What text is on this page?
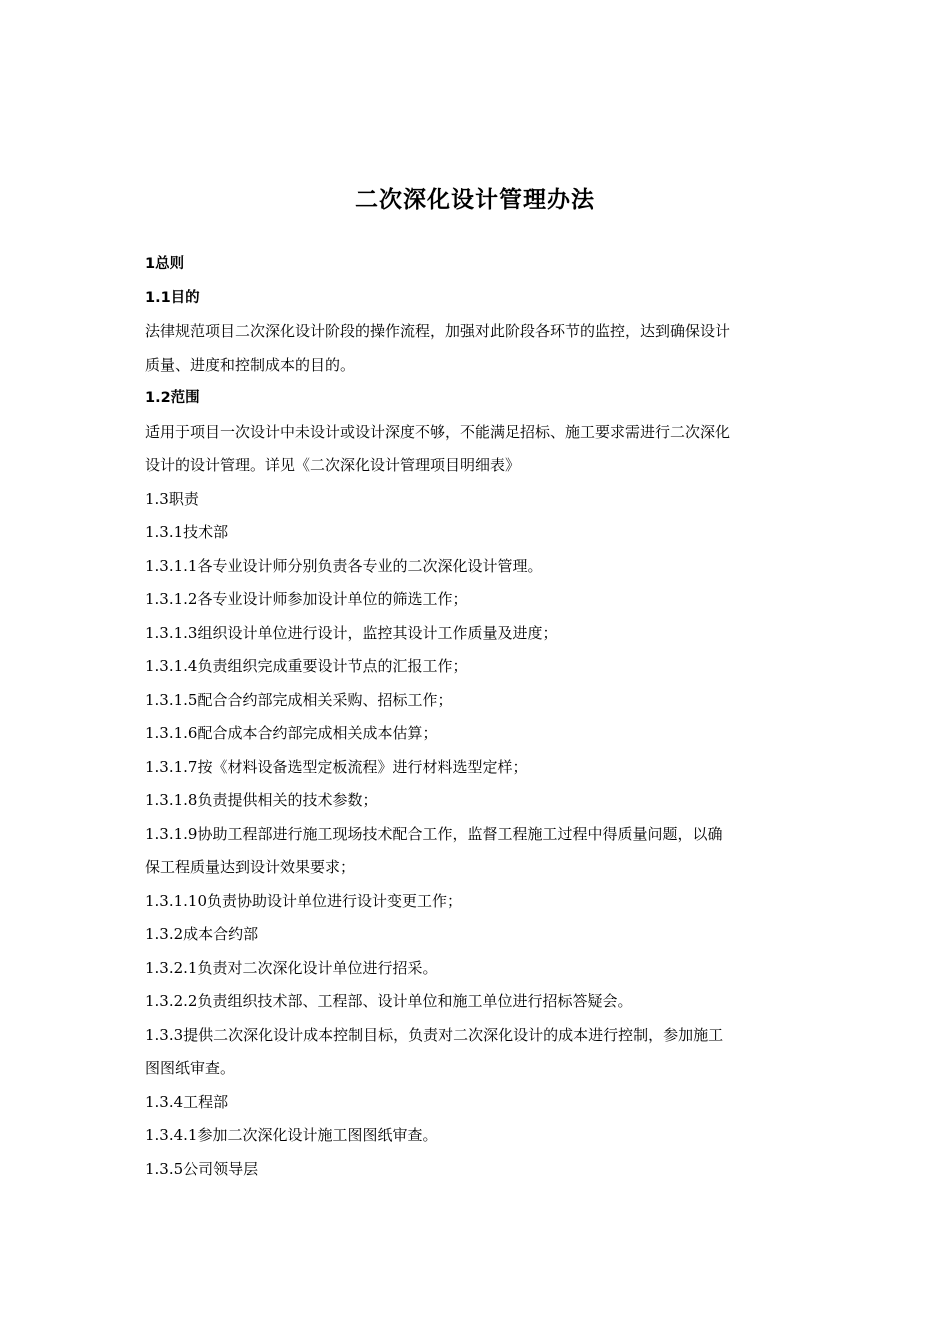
二次深化设计管理办法

1总则

1.1目的

法律规范项目二次深化设计阶段的操作流程，加强对此阶段各环节的监控，达到确保设计

质量、进度和控制成本的目的。

1.2范围

适用于项目一次设计中未设计或设计深度不够，不能满足招标、施工要求需进行二次深化

设计的设计管理。详见《二次深化设计管理项目明细表》

1.3职责

1.3.1技术部

1.3.1.1各专业设计师分别负责各专业的二次深化设计管理。

1.3.1.2各专业设计师参加设计单位的筛选工作；

1.3.1.3组织设计单位进行设计，监控其设计工作质量及进度；

1.3.1.4负责组织完成重要设计节点的汇报工作；

1.3.1.5配合合约部完成相关采购、招标工作；

1.3.1.6配合成本合约部完成相关成本估算；

1.3.1.7按《材料设备选型定板流程》进行材料选型定样；

1.3.1.8负责提供相关的技术参数；

1.3.1.9协助工程部进行施工现场技术配合工作，监督工程施工过程中得质量问题，以确

保工程质量达到设计效果要求；

1.3.1.10负责协助设计单位进行设计变更工作；

1.3.2成本合约部

1.3.2.1负责对二次深化设计单位进行招采。

1.3.2.2负责组织技术部、工程部、设计单位和施工单位进行招标答疑会。

1.3.3提供二次深化设计成本控制目标，负责对二次深化设计的成本进行控制，参加施工

图图纸审查。

1.3.4工程部

1.3.4.1参加二次深化设计施工图图纸审查。

1.3.5公司领导层
